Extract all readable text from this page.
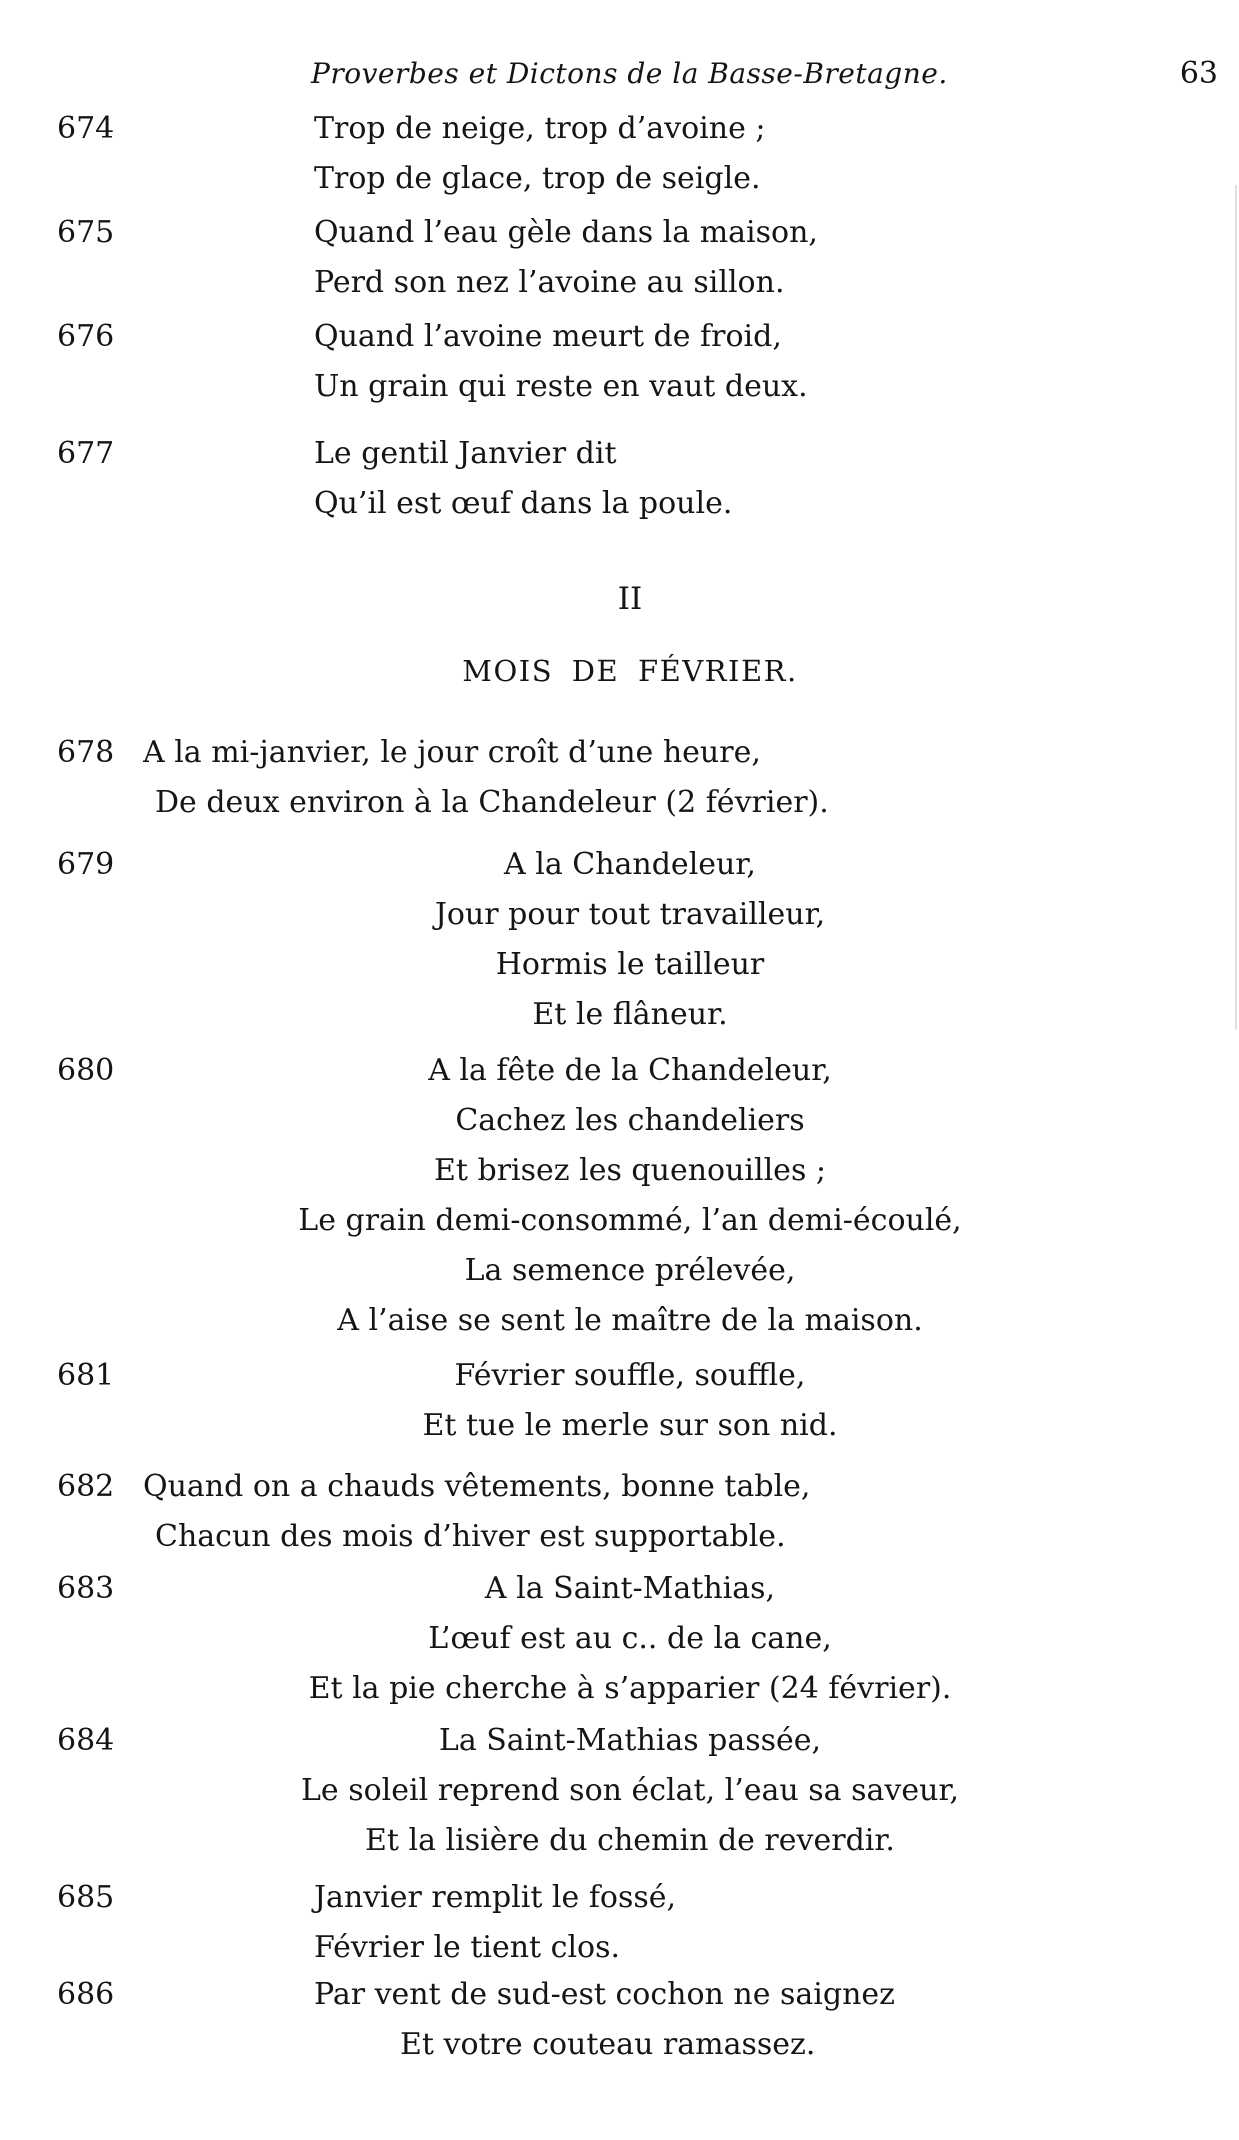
Proverbes et Dictons de la Basse-Bretagne.	63
674	Trop de neige, trop d’avoine ;
Trop de glace, trop de seigle.
675	Quand l’eau gèle dans la maison,
Perd son nez l’avoine au sillon.
676	Quand l’avoine meurt de froid,
Un grain qui reste en vaut deux.
677	Le gentil Janvier dit
Qu’il est œuf dans la poule.
II
MOIS DE FÉVRIER.
678 A la mi-janvier, le jour croît d’une heure,
De deux environ à la Chandeleur (2 février).
679	A la Chandeleur,
Jour pour tout travailleur,
Hormis le tailleur
Et le flâneur.
680	A la fête de la Chandeleur,
Cachez les chandeliers
Et brisez les quenouilles ;
Le grain demi-consommé, l’an demi-écoulé,
La semence prélevée,
A l’aise se sent le maître de la maison.
681	Février souffle, souffle,
Et tue le merle sur son nid.
682 Quand on a chauds vêtements, bonne table,
Chacun des mois d’hiver est supportable.
683	A la Saint-Mathias,
L’œuf est au c.. de la cane,
Et la pie cherche à s’apparier (24 février).
684	La Saint-Mathias passée,
Le soleil reprend son éclat, l’eau sa saveur,
Et la lisière du chemin de reverdir.
685	Janvier remplit le fossé,
Février le tient clos.
686	Par vent de sud-est cochon ne saignez
Et votre couteau ramassez.
